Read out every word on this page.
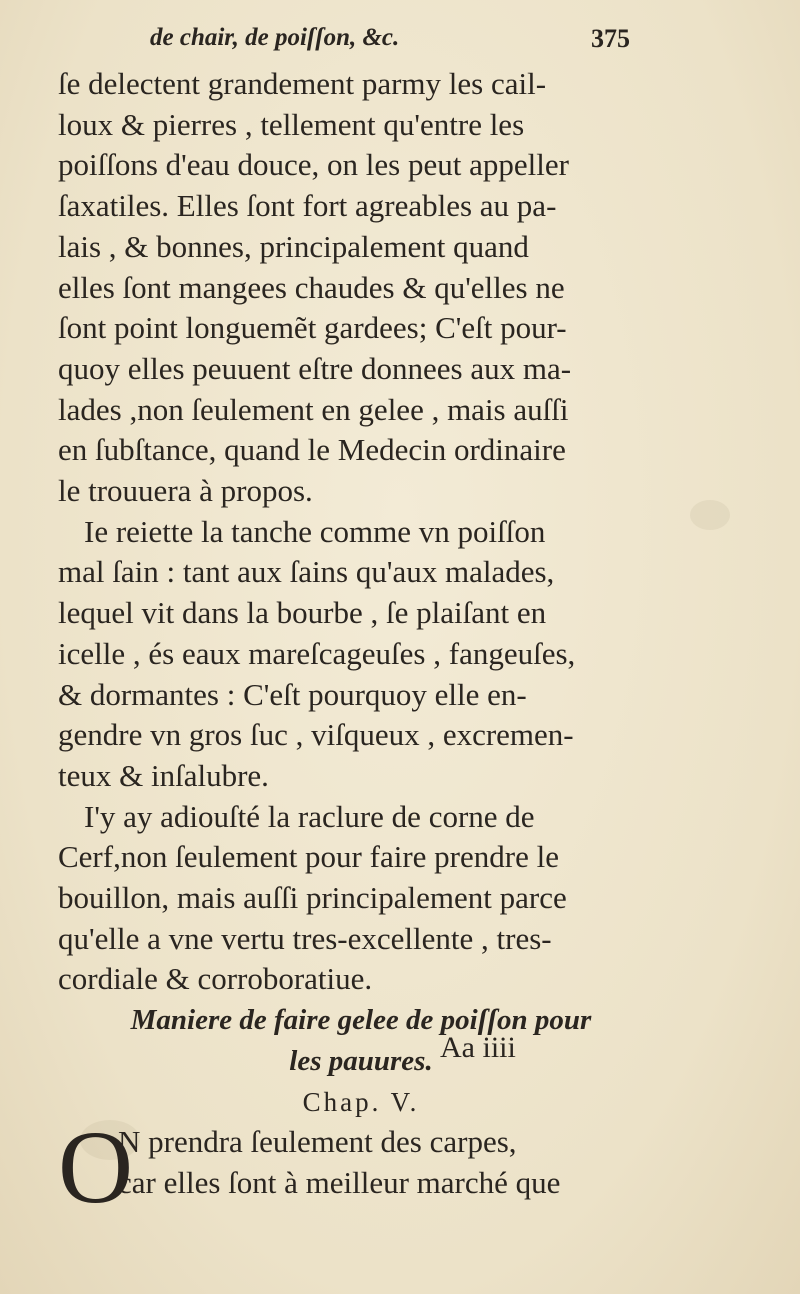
de chair, de poiſſon, &c.	375
ſe delectent grandement parmy les cail-
loux & pierres , tellement qu'entre les
poiſſons d'eau douce, on les peut appeller
ſaxatiles. Elles ſont fort agreables au pa-
lais , & bonnes, principalement quand
elles ſont mangees chaudes & qu'elles ne
ſont point longuemẽt gardees; C'eſt pour-
quoy elles peuuent eſtre donnees aux ma-
lades ,non ſeulement en gelee , mais auſſi
en ſubſtance, quand le Medecin ordinaire
le trouuera à propos.
Ie reiette la tanche comme vn poiſſon
mal ſain : tant aux ſains qu'aux malades,
lequel vit dans la bourbe , ſe plaiſant en
icelle , és eaux mareſcageuſes , fangeuſes,
& dormantes : C'eſt pourquoy elle en-
gendre vn gros ſuc , viſqueux , excremen-
teux & inſalubre.
I'y ay adiouſté la raclure de corne de
Cerf,non ſeulement pour faire prendre le
bouillon, mais auſſi principalement parce
qu'elle a vne vertu tres-excellente , tres-
cordiale & corroboratiue.
Maniere de faire gelee de poiſſon pour
les pauures.
Chap. V.
O
N prendra ſeulement des carpes,
car elles ſont à meilleur marché que
Aa iiii
